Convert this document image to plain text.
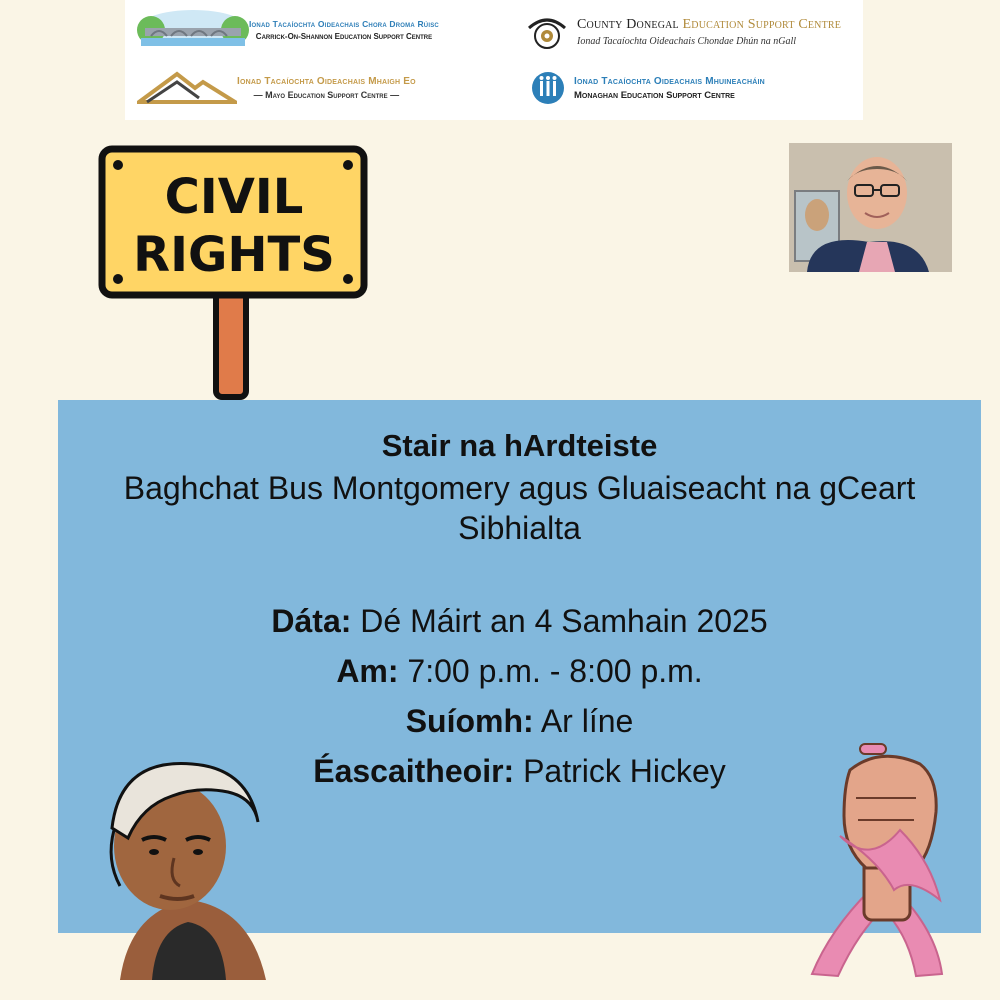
Ionad Tacaíochta Oideachais Chora Droma Rúisc
Carrick-On-Shannon Education Support Centre
County Donegal Education Support Centre
Ionad Tacaíochta Oideachais Chondae Dhún na nGall
Ionad Tacaíochta Oideachais Mhaigh Eo
— Mayo Education Support Centre —
Ionad Tacaíochta Oideachais Mhuineacháin
Monaghan Education Support Centre
CIVIL
RIGHTS
Stair na hArdteiste
Baghchat Bus Montgomery agus Gluaiseacht na gCeart Sibhialta
Dáta: Dé Máirt an 4 Samhain 2025
Am: 7:00 p.m. - 8:00 p.m.
Suíomh: Ar líne
Éascaitheoir: Patrick Hickey
